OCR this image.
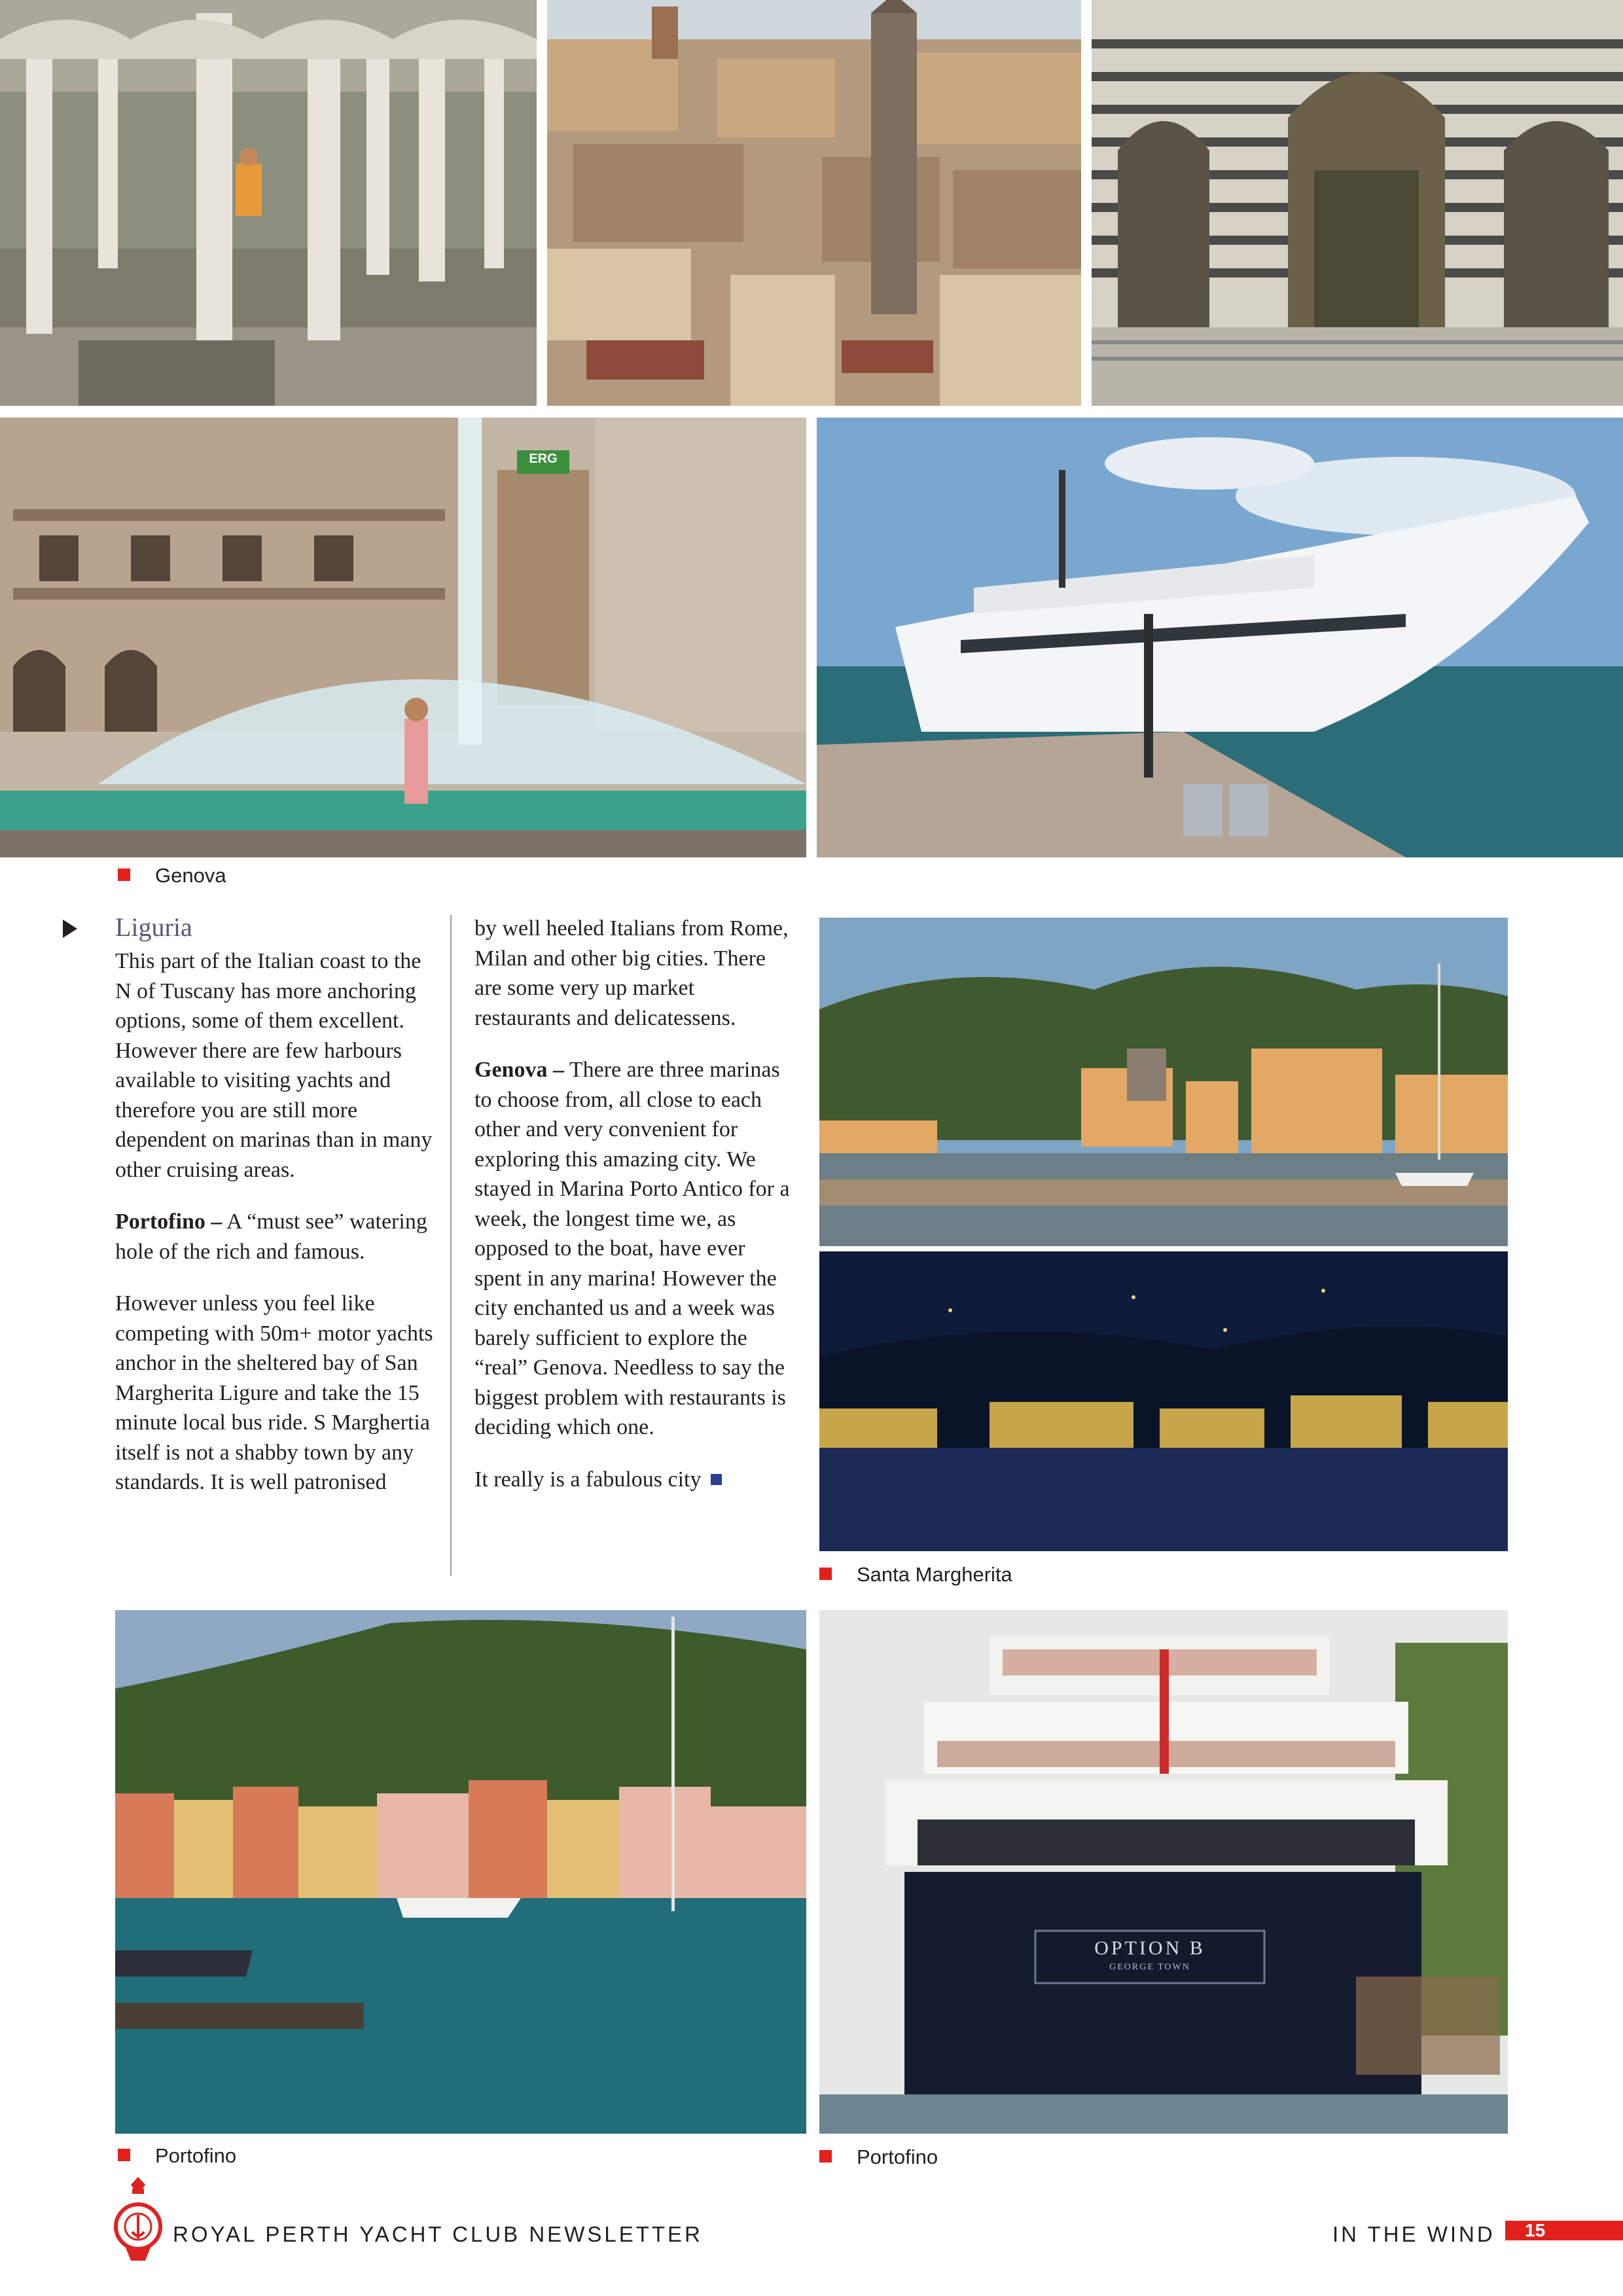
Genova
Liguria

This part of the Italian coast to the N of Tuscany has more anchoring options, some of them excellent. However there are few harbours available to visiting yachts and therefore you are still more dependent on marinas than in many other cruising areas.

Portofino – A “must see” watering hole of the rich and famous.

However unless you feel like competing with 50m+ motor yachts anchor in the sheltered bay of San Margherita Ligure and take the 15 minute local bus ride. S Marghertia itself is not a shabby town by any standards. It is well patronised

by well heeled Italians from Rome, Milan and other big cities. There are some very up market restaurants and delicatessens.

Genova – There are three marinas to choose from, all close to each other and very convenient for exploring this amazing city. We stayed in Marina Porto Antico for a week, the longest time we, as opposed to the boat, have ever spent in any marina! However the city enchanted us and a week was barely sufficient to explore the “real” Genova. Needless to say the biggest problem with restaurants is deciding which one.

It really is a fabulous city

Santa Margherita
OPTION B
GEORGE TOWN
Portofino	Portofino
ERG
ROYAL PERTH YACHT CLUB NEWSLETTER	IN THE WIND	15
